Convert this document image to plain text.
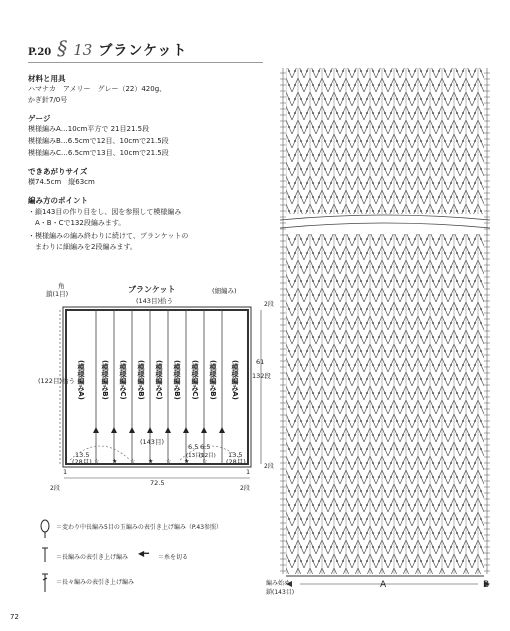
P.20 § 13 ブランケット
材料と用具
ハマナカ　アメリー　グレー（22）420g、
かぎ針7/0号
ゲージ
模様編みA…10cm平方で 21目21.5段
模様編みB…6.5cmで12目、10cmで21.5段
模様編みC…6.5cmで13目、10cmで21.5段
できあがりサイズ
横74.5cm　縦63cm
編み方のポイント
・鎖143目の作り目をし、図を参照して模様編み
　A・B・Cで132段編みます。
・模様編みの編み終わりに続けて、ブランケットの
　まわりに細編みを2段編みます。
ブランケット
(143目)拾う
角
鎖(1目)	(細編み)
2段
61
132段
(122目)拾う
(143目)
13.5
(28目)
6.5 6.5
(13目)
(12目) 13.5
(28目)
1	1
72.5
2段
2段	2段
(模様編みA) (模様編みB) (模様編みC) (模様編みB) (模様編みC) (模様編みB) (模様編みC) (模様編みB) (模様編みA)
☆ ★ ☆ ★ ☆ ★ ☆
＝変わり中長編み5目の玉編みの表引き上げ編み（P.43参照）
＝長編みの表引き上げ編み	＝糸を切る
＝長々編みの表引き上げ編み
◀━
編み始め
鎖(143目)
A	B
72
